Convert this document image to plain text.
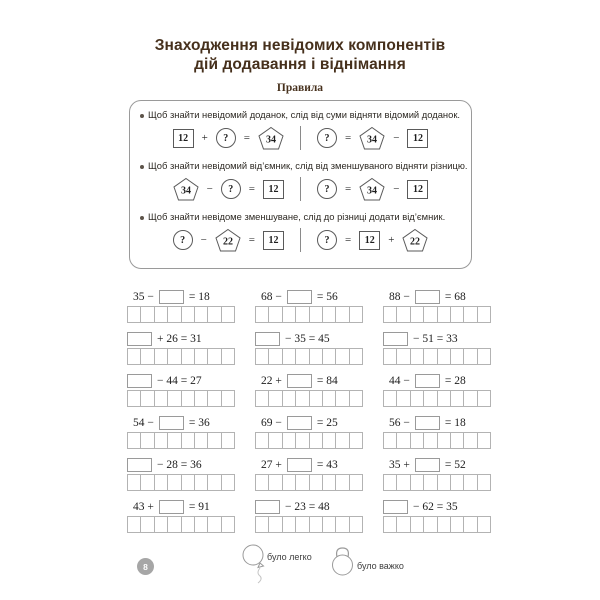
Знаходження невідомих компонентів
дій додавання і віднімання
Правила
Щоб знайти невідомий доданок, слід від суми відняти відомий доданок.
12	+	?	= 34	?	= 34 −	12
Щоб знайти невідомий від’ємник, слід від зменшуваного відняти різницю.
34 −	?	=	12	?	= 34 −	12
Щоб знайти невідоме зменшуване, слід до різниці додати від’ємник.
?	− 22 =	12	?	=	12	+ 22
35 −	= 18	68 −	= 56	88 −	= 68
+ 26 = 31	− 35 = 45	− 51 = 33
− 44 = 27	22 +	= 84	44 −	= 28
54 −	= 36	69 −	= 25	56 −	= 18
− 28 = 36	27 +	= 43	35 +	= 52
43 +	= 91	− 23 = 48	− 62 = 35
8
було легко
було важко
